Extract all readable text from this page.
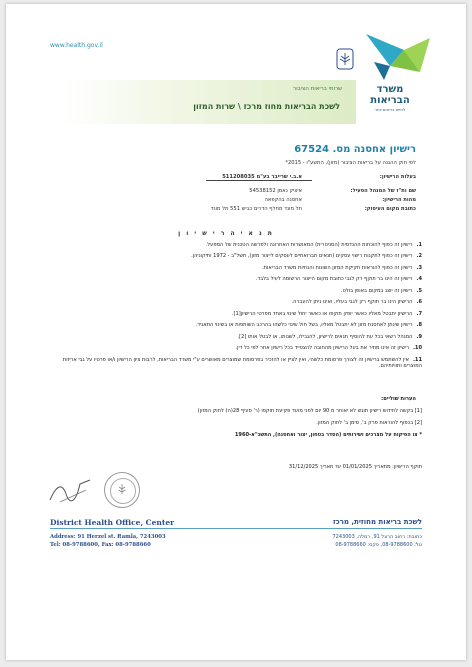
www.health.gov.il
משרד
הבריאות
לחיים בריאים יותר
שרותי בריאות הציבור
לשכת הבריאות מחוז מרכז \ שרות המזון
רישיון אחסנה מס. 67524
לפי חוק ההגנה על בריאות הציבור (מזון), התשע"ו - 2015*
בעלות הרישיון:
א.ב.י שרייבר בע"מ 511208035
שם ות"ז של המנהל הפעיל:
איציק נאמן 54538152
מהות הרישיון:
אחסנה בהקפאה
כתובת מקום העיסוק:
תל מונד מחלף הדרים כביש 551 תל מונד
ת נ א י ה ר י ש י ו ן
1.רישיון זה כפוף להוכחות ההנדסית (הסניטרית) המאושרות האחרונה ולפרשה הטכנית של המפעל.
2.רישיון זה כפוף לתקנות רישוי עסקים (תנאים תברואתיים לעסקים לייצור מזון), תשל"ב - 1972 ותיקוניהן.
3.רישיון זה כפוף להוראות חקיקת המזון השונות והנחיות משרד הבריאות.
4.רישיון זה הינו בר תוקף רק לגבי כתובת מקום הייצור הרשומה לעיל בלבד.
5.רישיון זה יוצג במקום באופן בולט.
6.הרישיון הינו בר תוקף רק לגבי בעליו, ואינו ניתן להעברה.
7.הרישיון יתבטל מאליו כאשר יופק תוקפו או כאשר יחול שינוי באחד מפרטי הרישיון[1].
8.רישיון שינתן לאחסנת מזון לא יתבטל מאליו, בשל חול שינוי כלשהו בהרכב השותפות או בשינוי התאגיד.
9.המנהל רשאי בכל עת להוסיף תנאים לרישיון, להגבילו, לשנותו, או לבטל אותו [2].
10.רישיון זה אינו מתיר את בעל הרישיון מהחובה להצטייד בכל רישיון אחר לפי כל דין.
11.אין להשתמש ברישיון זה לצורך פרסומת כלשהי, ואין לציין או להזכיר בפרסומת שמוצרים מאושרים ע"י משרד הבריאות, לרבות ציון הרישיון ו/או פרטיו על גבי אריזות המוצרים ותוויותיהם.
הערות שוליים:
[1] בקשה לחידוש רישיון תוגש לא יאוחר מ 90 יום לפני מועד פקיעת תוקפו (ר' סעיף 28(ה) לחוק המזון)
[2] בכפוף להוראות פרק ב', סימן ב' לחוק המזון.
* צו הפיקוח על מצרכים ושירותים (הסדר בטחון, יצור ואחסנה), התשכ"א-1960
תוקף הרישיון: מתאריך 01/01/2025 עד תאריך 31/12/2025
District Health Office, Center	לשכת בריאות מחוזית, מרכז
Address: 91 Herzel st. Ramla, 7243003
Tel: 08-9788600, Fax: 08-9788660
כתובת: רחוב הרצל 91, רמלה, 7243003
טל: 08-9788600, פקס: 08-9788660
